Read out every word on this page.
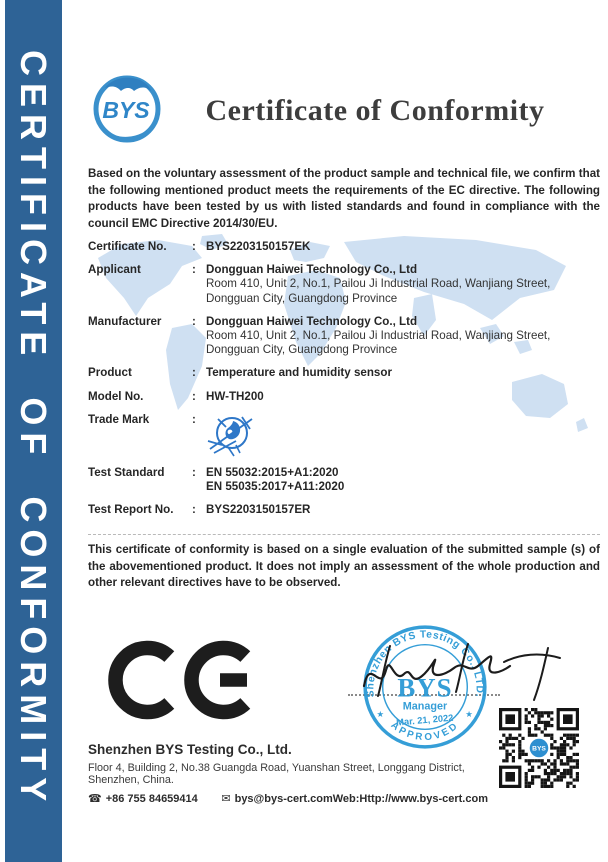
CERTIFICATE OF CONFORMITY	BYS	Certificate of Conformity

Based on the voluntary assessment of the product sample and technical file, we confirm that the following mentioned product meets the requirements of the EC directive. The following products have been tested by us with listed standards and found in compliance with the council EMC Directive 2014/30/EU.

Certificate No.	: BYS2203150157EK
Applicant	: Dongguan Haiwei Technology Co., Ltd
Room 410, Unit 2, No.1, Pailou Ji Industrial Road, Wanjiang Street,
Dongguan City, Guangdong Province
Manufacturer	: Dongguan Haiwei Technology Co., Ltd
Room 410, Unit 2, No.1, Pailou Ji Industrial Road, Wanjiang Street,
Dongguan City, Guangdong Province
Product	: Temperature and humidity sensor
Model No.	: HW-TH200
Trade Mark	:
Test Standard	: EN 55032:2015+A1:2020
EN 55035:2017+A11:2020
Test Report No.	: BYS2203150157ER

This certificate of conformity is based on a single evaluation of the submitted sample (s) of the abovementioned product. It does not imply an assessment of the whole production and other relevant directives have to be observed.

Shenzhen BYS Testing Co., LTD.
APPROVED
★	★
BYS
Manager
Mar. 21, 2022
BYS
Shenzhen BYS Testing Co., Ltd.
Floor 4, Building 2, No.38 Guangda Road, Yuanshan Street, Longgang District, Shenzhen, China.
☎ +86 755 84659414 ✉ bys@bys-cert.com Web:Http://www.bys-cert.com
